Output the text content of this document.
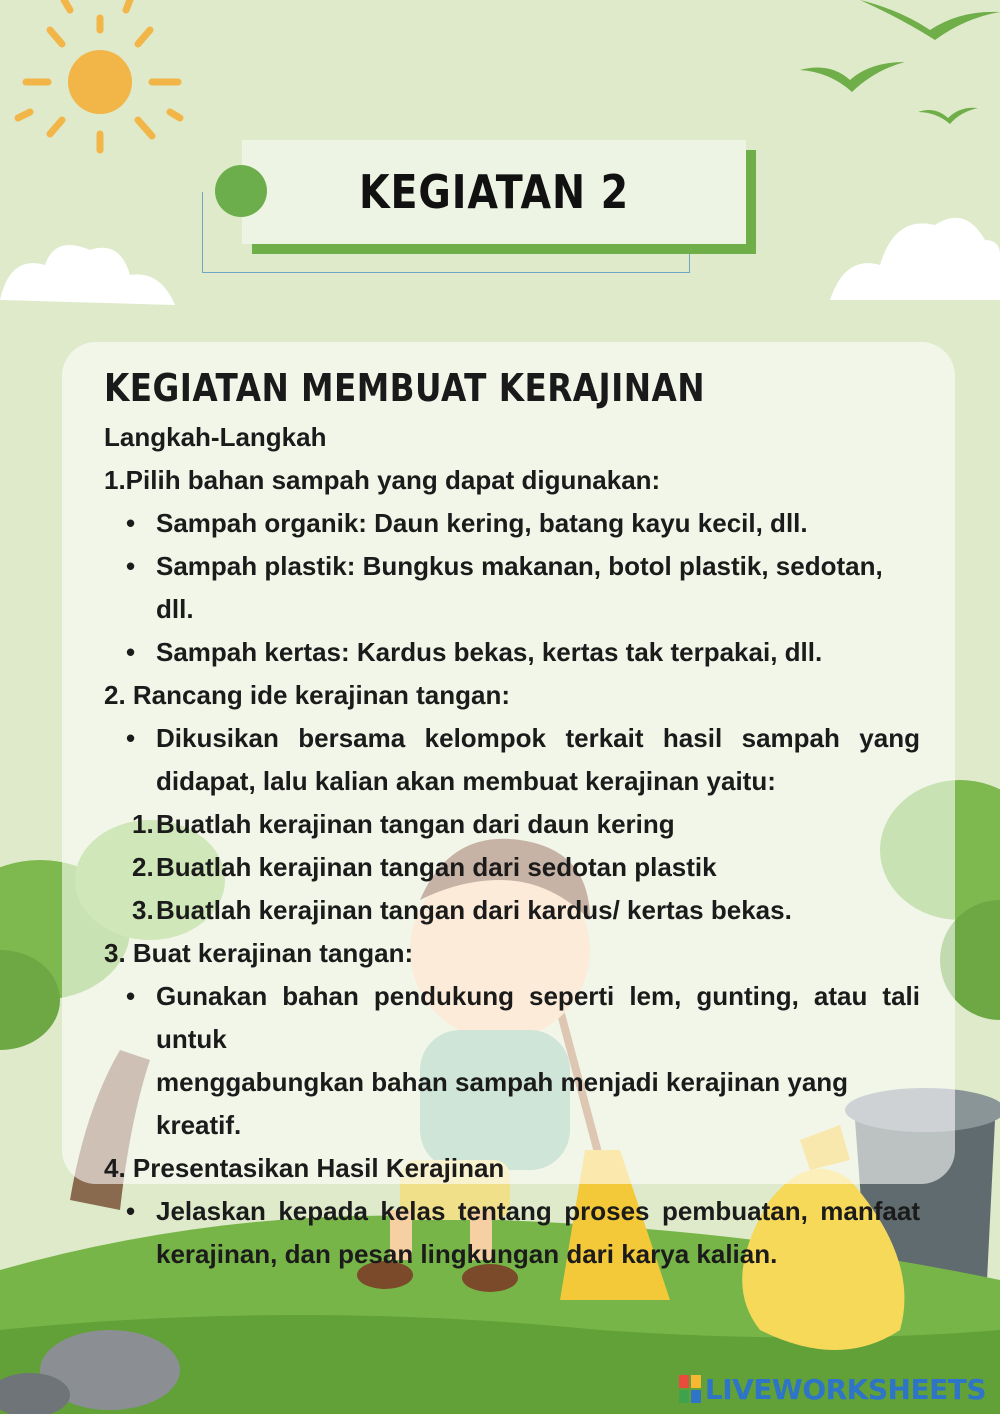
KEGIATAN 2

KEGIATAN MEMBUAT KERAJINAN

Langkah-Langkah

1.Pilih bahan sampah yang dapat digunakan:

• Sampah organik: Daun kering, batang kayu kecil, dll.

• Sampah plastik: Bungkus makanan, botol plastik, sedotan, dll.

• Sampah kertas: Kardus bekas, kertas tak terpakai, dll.

2. Rancang ide kerajinan tangan:

• Dikusikan bersama kelompok terkait hasil sampah yang

didapat, lalu kalian akan membuat kerajinan yaitu:

1. Buatlah kerajinan tangan dari daun kering

2. Buatlah kerajinan tangan dari sedotan plastik

3. Buatlah kerajinan tangan dari kardus/ kertas bekas.

3. Buat kerajinan tangan:

• Gunakan bahan pendukung seperti lem, gunting, atau tali untuk

menggabungkan bahan sampah menjadi kerajinan yang kreatif.

4. Presentasikan Hasil Kerajinan

• Jelaskan kepada kelas tentang proses pembuatan, manfaat

kerajinan, dan pesan lingkungan dari karya kalian.

LIVEWORKSHEETS
